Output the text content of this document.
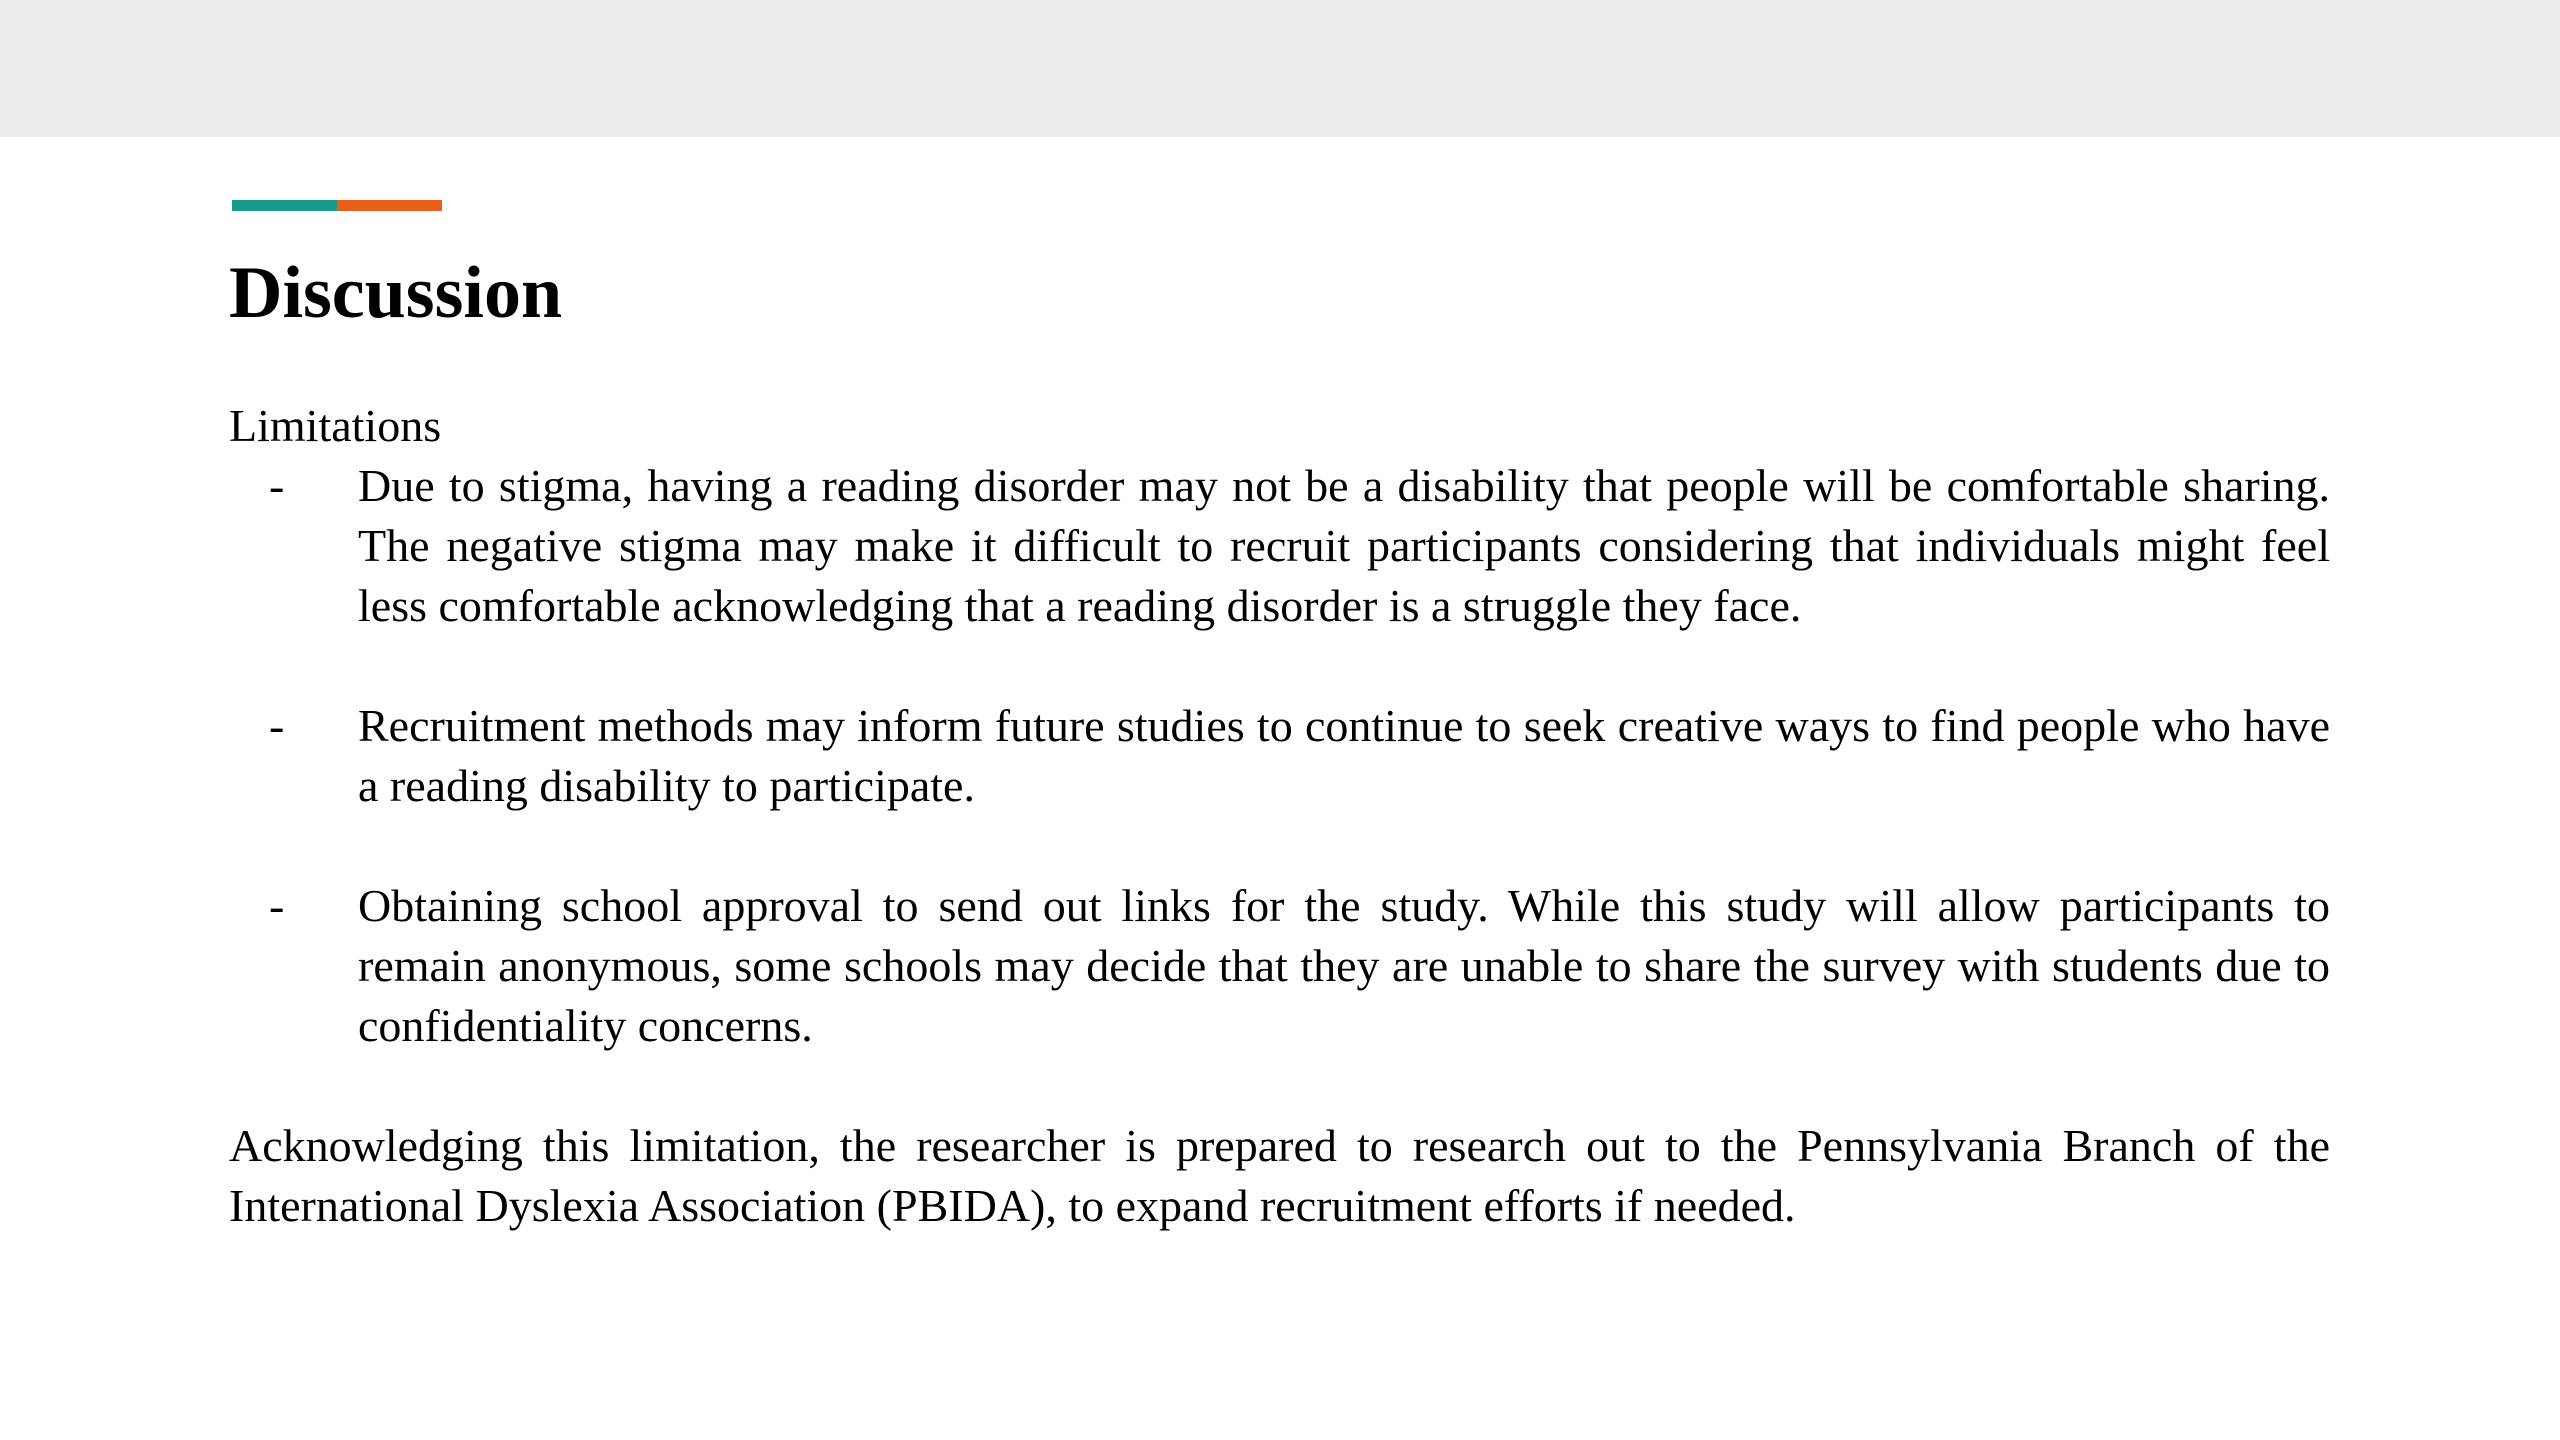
Discussion

Limitations

- Due to stigma, having a reading disorder may not be a disability that people will be comfortable sharing. The negative stigma may make it difficult to recruit participants considering that individuals might feel less comfortable acknowledging that a reading disorder is a struggle they face.
- Recruitment methods may inform future studies to continue to seek creative ways to find people who have a reading disability to participate.
- Obtaining school approval to send out links for the study. While this study will allow participants to remain anonymous, some schools may decide that they are unable to share the survey with students due to confidentiality concerns.

Acknowledging this limitation, the researcher is prepared to research out to the Pennsylvania Branch of the International Dyslexia Association (PBIDA), to expand recruitment efforts if needed.
